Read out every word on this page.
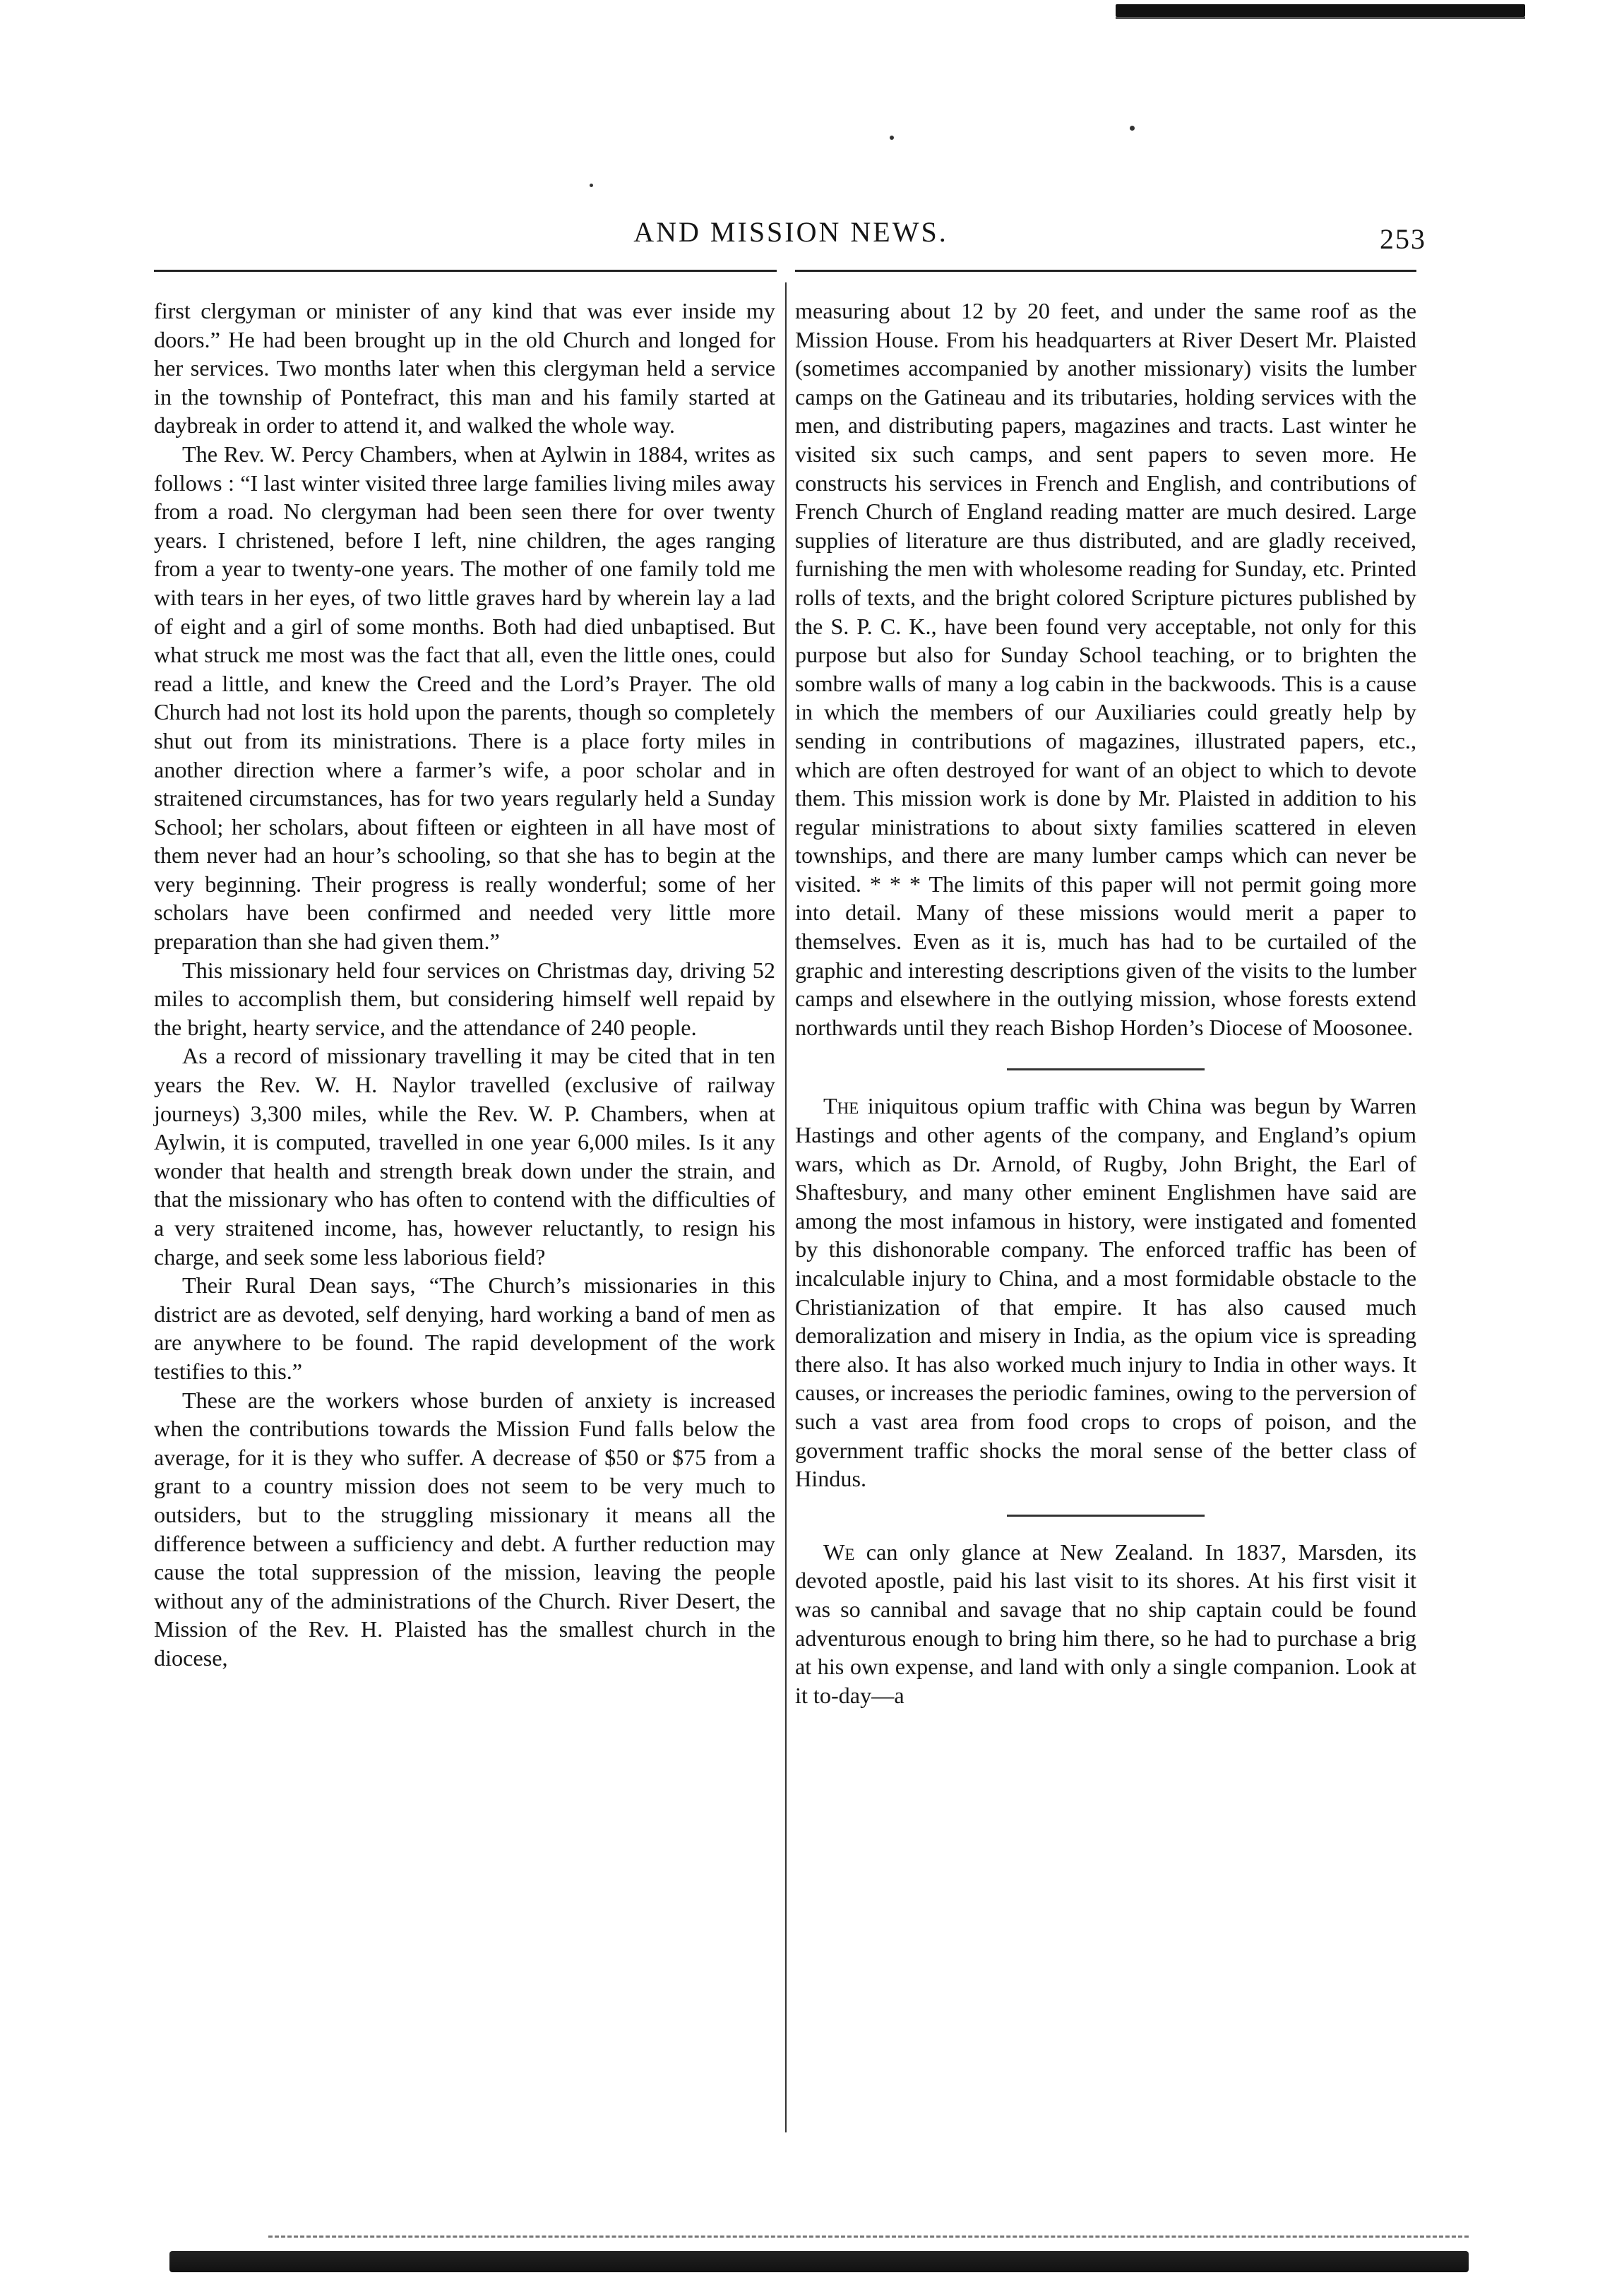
AND MISSION NEWS.	253

first clergyman or minister of any kind that was ever inside my doors.” He had been brought up in the old Church and longed for her services. Two months later when this clergyman held a service in the township of Pontefract, this man and his family started at daybreak in order to attend it, and walked the whole way.

The Rev. W. Percy Chambers, when at Aylwin in 1884, writes as follows : “I last winter visited three large families living miles away from a road. No clergyman had been seen there for over twenty years. I christened, before I left, nine children, the ages ranging from a year to twenty-one years. The mother of one family told me with tears in her eyes, of two little graves hard by wherein lay a lad of eight and a girl of some months. Both had died unbaptised. But what struck me most was the fact that all, even the little ones, could read a little, and knew the Creed and the Lord’s Prayer. The old Church had not lost its hold upon the parents, though so completely shut out from its ministrations. There is a place forty miles in another direction where a farmer’s wife, a poor scholar and in straitened circumstances, has for two years regularly held a Sunday School; her scholars, about fifteen or eighteen in all have most of them never had an hour’s schooling, so that she has to begin at the very beginning. Their progress is really wonderful; some of her scholars have been confirmed and needed very little more preparation than she had given them.”

This missionary held four services on Christmas day, driving 52 miles to accomplish them, but considering himself well repaid by the bright, hearty service, and the attendance of 240 people.

As a record of missionary travelling it may be cited that in ten years the Rev. W. H. Naylor travelled (exclusive of railway journeys) 3,300 miles, while the Rev. W. P. Chambers, when at Aylwin, it is computed, travelled in one year 6,000 miles. Is it any wonder that health and strength break down under the strain, and that the missionary who has often to contend with the difficulties of a very straitened income, has, however reluctantly, to resign his charge, and seek some less laborious field?

Their Rural Dean says, “The Church’s missionaries in this district are as devoted, self denying, hard working a band of men as are anywhere to be found. The rapid development of the work testifies to this.”

These are the workers whose burden of anxiety is increased when the contributions towards the Mission Fund falls below the average, for it is they who suffer. A decrease of $50 or $75 from a grant to a country mission does not seem to be very much to outsiders, but to the struggling missionary it means all the difference between a sufficiency and debt. A further reduction may cause the total suppression of the mission, leaving the people without any of the administrations of the Church. River Desert, the Mission of the Rev. H. Plaisted has the smallest church in the diocese,

measuring about 12 by 20 feet, and under the same roof as the Mission House. From his headquarters at River Desert Mr. Plaisted (sometimes accompanied by another missionary) visits the lumber camps on the Gatineau and its tributaries, holding services with the men, and distributing papers, magazines and tracts. Last winter he visited six such camps, and sent papers to seven more. He constructs his services in French and English, and contributions of French Church of England reading matter are much desired. Large supplies of literature are thus distributed, and are gladly received, furnishing the men with wholesome reading for Sunday, etc. Printed rolls of texts, and the bright colored Scripture pictures published by the S. P. C. K., have been found very acceptable, not only for this purpose but also for Sunday School teaching, or to brighten the sombre walls of many a log cabin in the backwoods. This is a cause in which the members of our Auxiliaries could greatly help by sending in contributions of magazines, illustrated papers, etc., which are often destroyed for want of an object to which to devote them. This mission work is done by Mr. Plaisted in addition to his regular ministrations to about sixty families scattered in eleven townships, and there are many lumber camps which can never be visited. * * * The limits of this paper will not permit going more into detail. Many of these missions would merit a paper to themselves. Even as it is, much has had to be curtailed of the graphic and interesting descriptions given of the visits to the lumber camps and elsewhere in the outlying mission, whose forests extend northwards until they reach Bishop Horden’s Diocese of Moosonee.

The iniquitous opium traffic with China was begun by Warren Hastings and other agents of the company, and England’s opium wars, which as Dr. Arnold, of Rugby, John Bright, the Earl of Shaftesbury, and many other eminent Englishmen have said are among the most infamous in history, were instigated and fomented by this dishonorable company. The enforced traffic has been of incalculable injury to China, and a most formidable obstacle to the Christianization of that empire. It has also caused much demoralization and misery in India, as the opium vice is spreading there also. It has also worked much injury to India in other ways. It causes, or increases the periodic famines, owing to the perversion of such a vast area from food crops to crops of poison, and the government traffic shocks the moral sense of the better class of Hindus.

We can only glance at New Zealand. In 1837, Marsden, its devoted apostle, paid his last visit to its shores. At his first visit it was so cannibal and savage that no ship captain could be found adventurous enough to bring him there, so he had to purchase a brig at his own expense, and land with only a single companion. Look at it to-day—a
